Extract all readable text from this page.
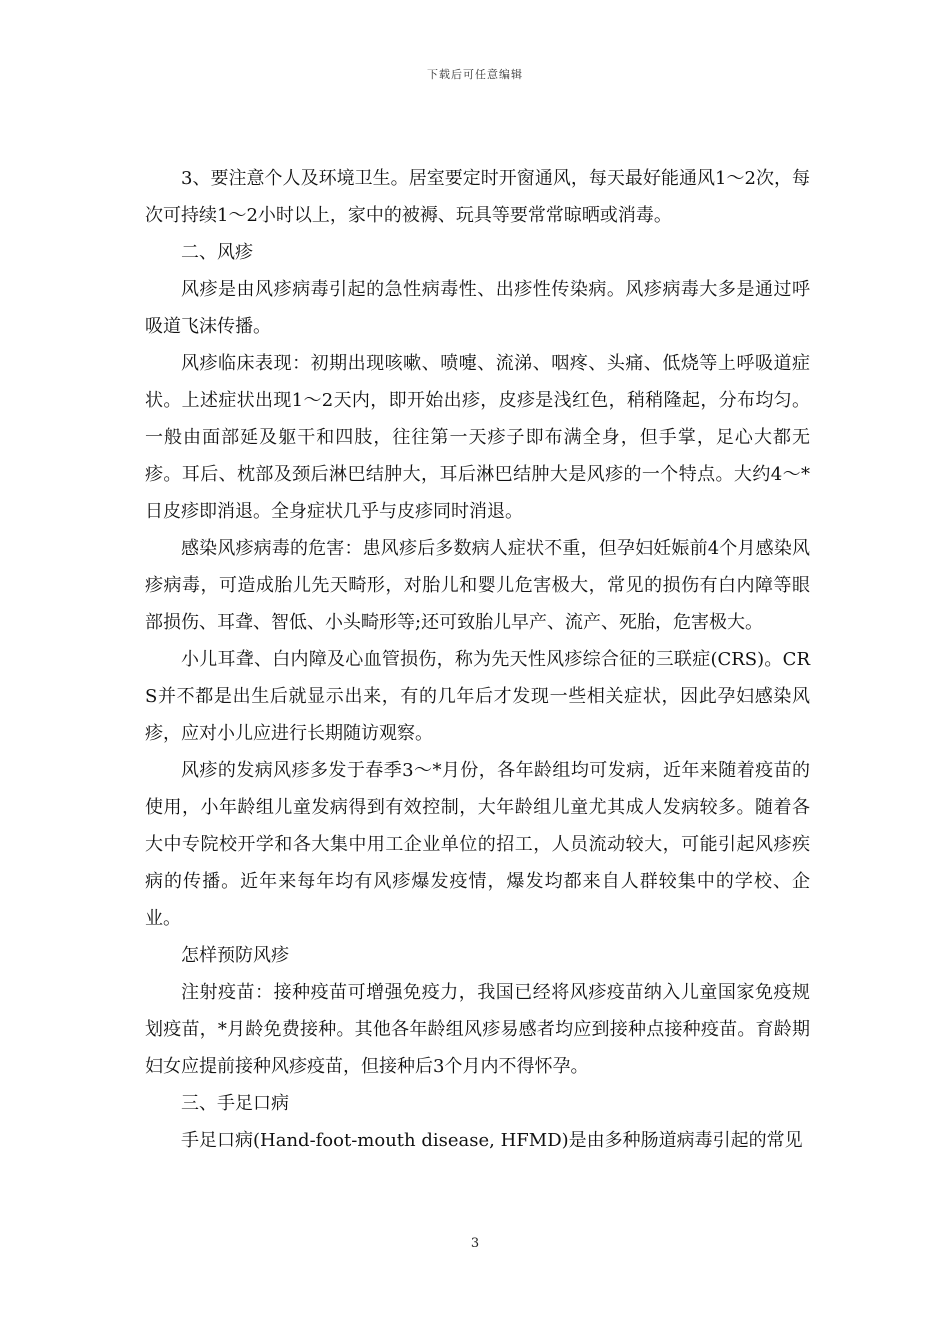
下载后可任意编辑

3、要注意个人及环境卫生。居室要定时开窗通风，每天最好能通风1～2次，每次可持续1～2小时以上，家中的被褥、玩具等要常常晾晒或消毒。

二、风疹

风疹是由风疹病毒引起的急性病毒性、出疹性传染病。风疹病毒大多是通过呼吸道飞沫传播。

风疹临床表现：初期出现咳嗽、喷嚏、流涕、咽疼、头痛、低烧等上呼吸道症状。上述症状出现1～2天内，即开始出疹，皮疹是浅红色，稍稍隆起，分布均匀。一般由面部延及躯干和四肢，往往第一天疹子即布满全身，但手掌，足心大都无疹。耳后、枕部及颈后淋巴结肿大，耳后淋巴结肿大是风疹的一个特点。大约4～*日皮疹即消退。全身症状几乎与皮疹同时消退。

感染风疹病毒的危害：患风疹后多数病人症状不重，但孕妇妊娠前4个月感染风疹病毒，可造成胎儿先天畸形，对胎儿和婴儿危害极大，常见的损伤有白内障等眼部损伤、耳聋、智低、小头畸形等;还可致胎儿早产、流产、死胎，危害极大。

小儿耳聋、白内障及心血管损伤，称为先天性风疹综合征的三联症(CRS)。CRS并不都是出生后就显示出来，有的几年后才发现一些相关症状，因此孕妇感染风疹，应对小儿应进行长期随访观察。

风疹的发病风疹多发于春季3～*月份，各年龄组均可发病，近年来随着疫苗的使用，小年龄组儿童发病得到有效控制，大年龄组儿童尤其成人发病较多。随着各大中专院校开学和各大集中用工企业单位的招工，人员流动较大，可能引起风疹疾病的传播。近年来每年均有风疹爆发疫情，爆发均都来自人群较集中的学校、企业。

怎样预防风疹

注射疫苗：接种疫苗可增强免疫力，我国已经将风疹疫苗纳入儿童国家免疫规划疫苗，*月龄免费接种。其他各年龄组风疹易感者均应到接种点接种疫苗。育龄期妇女应提前接种风疹疫苗，但接种后3个月内不得怀孕。

三、手足口病

手足口病(Hand-foot-mouth disease, HFMD)是由多种肠道病毒引起的常见

3
